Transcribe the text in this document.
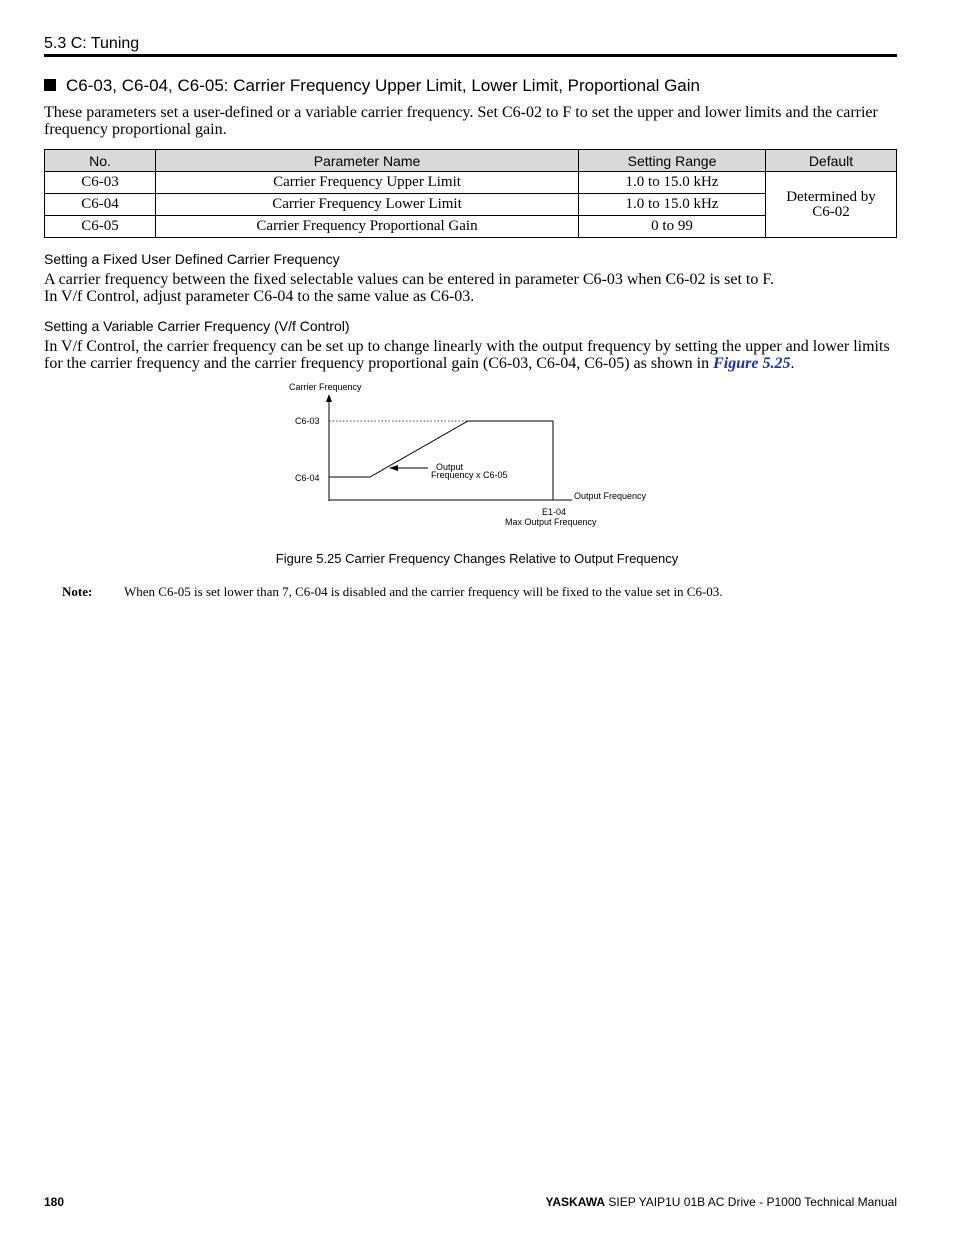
5.3 C: Tuning
C6-03, C6-04, C6-05: Carrier Frequency Upper Limit, Lower Limit, Proportional Gain
These parameters set a user-defined or a variable carrier frequency. Set C6-02 to F to set the upper and lower limits and the carrier frequency proportional gain.
No.	Parameter Name	Setting Range	Default
C6-03	Carrier Frequency Upper Limit	1.0 to 15.0 kHz	Determined by
C6-02
C6-04	Carrier Frequency Lower Limit	1.0 to 15.0 kHz	
C6-05	Carrier Frequency Proportional Gain	0 to 99	
Setting a Fixed User Defined Carrier Frequency
A carrier frequency between the fixed selectable values can be entered in parameter C6-03 when C6-02 is set to F.
In V/f Control, adjust parameter C6-04 to the same value as C6-03.
Setting a Variable Carrier Frequency (V/f Control)
In V/f Control, the carrier frequency can be set up to change linearly with the output frequency by setting the upper and lower limits for the carrier frequency and the carrier frequency proportional gain (C6-03, C6-04, C6-05) as shown in Figure 5.25.
Carrier Frequency
C6-03
C6-04
Output
Frequency x C6-05
Output Frequency
E1-04
Max Output Frequency
Figure 5.25 Carrier Frequency Changes Relative to Output Frequency
Note: When C6-05 is set lower than 7, C6-04 is disabled and the carrier frequency will be fixed to the value set in C6-03.
180	YASKAWA SIEP YAIP1U 01B AC Drive - P1000 Technical Manual
